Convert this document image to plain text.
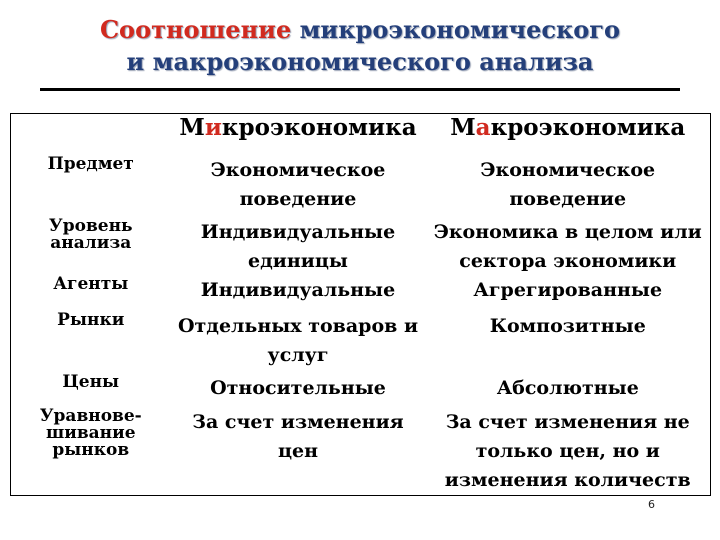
Соотношение микроэкономического
и макроэкономического анализа
	Микроэкономика	Макроэкономика
Предмет	Экономическое поведение	Экономическое поведение
Уровень анализа	Индивидуальные единицы	Экономика в целом или сектора экономики
Агенты	Индивидуальные	Агрегированные
Рынки	Отдельных товаров и услуг	Композитные
Цены	Относительные	Абсолютные
Уравнове-шивание рынков	За счет изменения цен	За счет изменения не только цен, но и изменения количеств
6
